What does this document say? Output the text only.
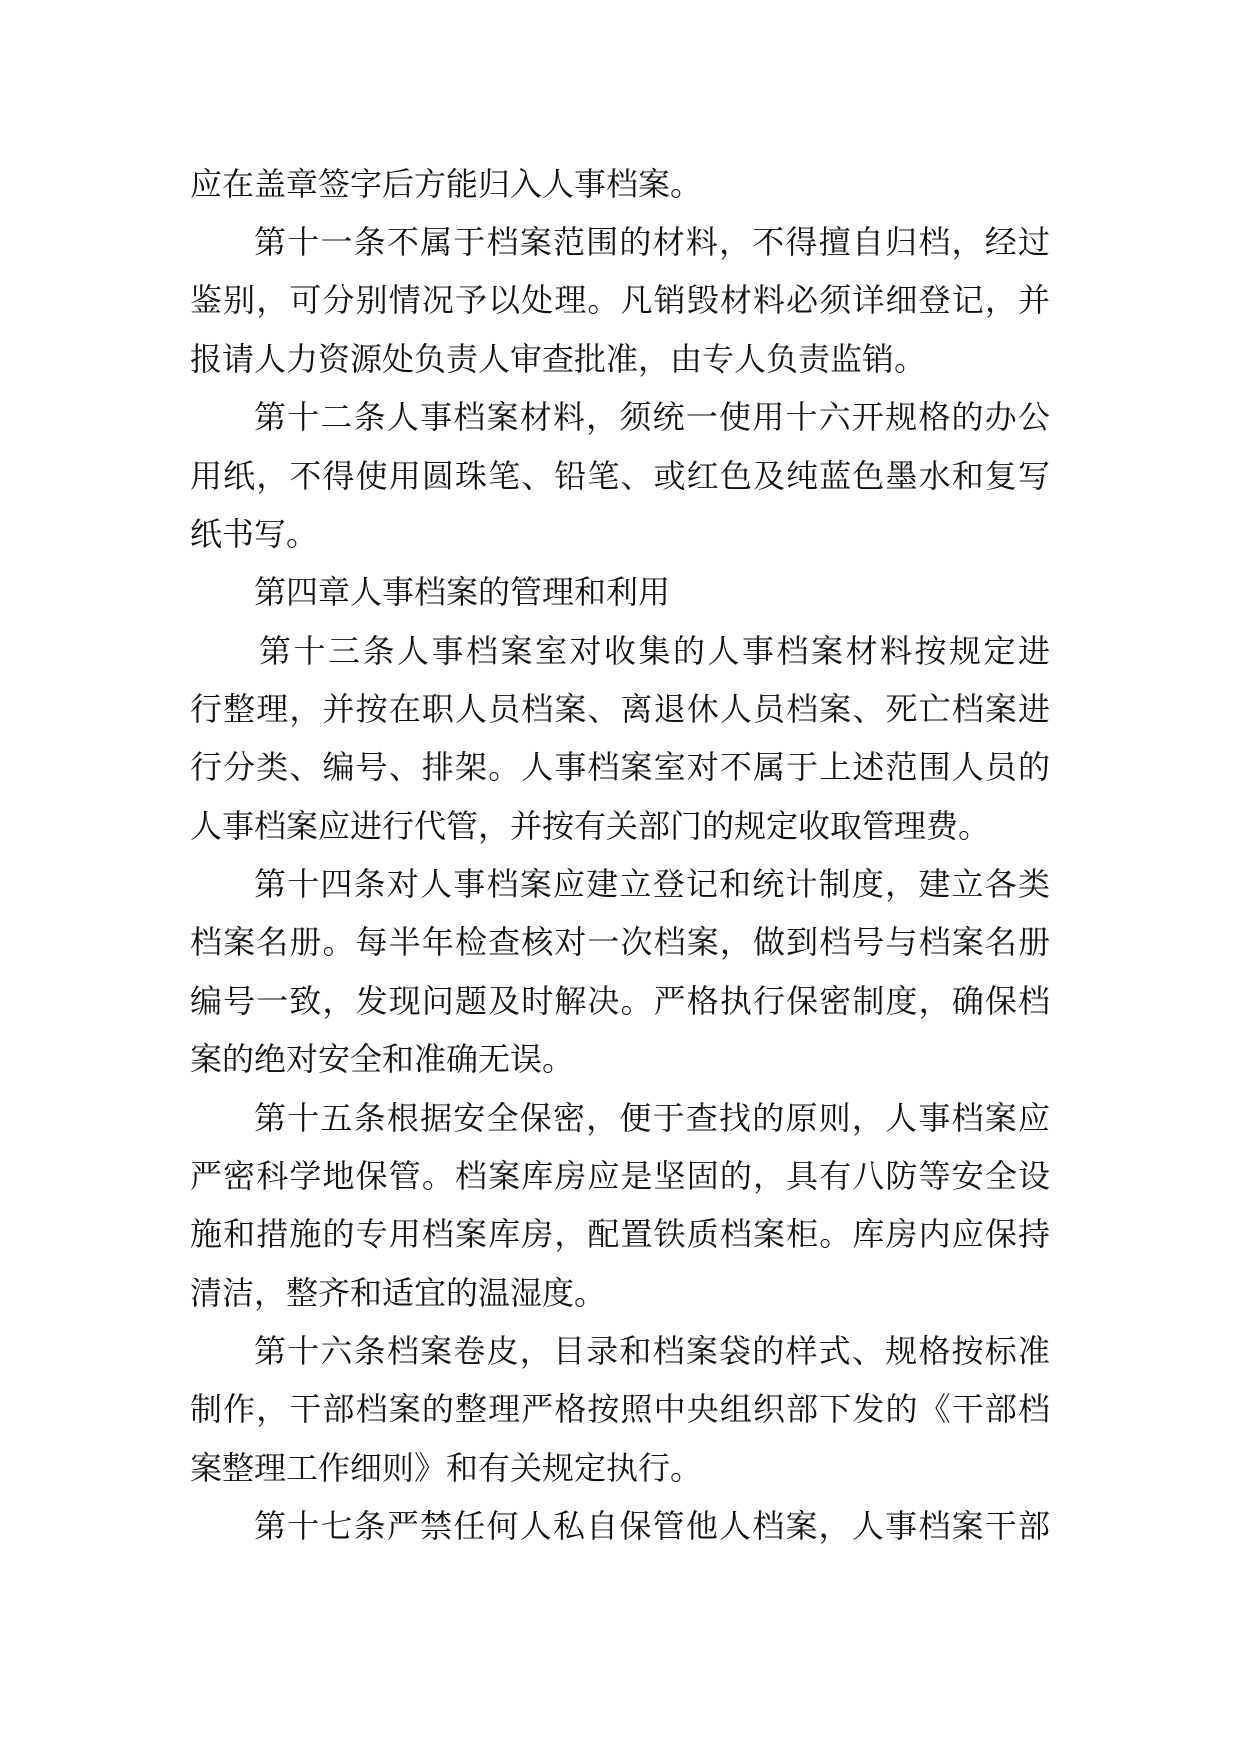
应在盖章签字后方能归入人事档案。
第十一条不属于档案范围的材料，不得擅自归档，经过
鉴别，可分别情况予以处理。凡销毁材料必须详细登记，并
报请人力资源处负责人审查批准，由专人负责监销。
第十二条人事档案材料，须统一使用十六开规格的办公
用纸，不得使用圆珠笔、铅笔、或红色及纯蓝色墨水和复写
纸书写。
第四章人事档案的管理和利用
第十三条人事档案室对收集的人事档案材料按规定进
行整理，并按在职人员档案、离退休人员档案、死亡档案进
行分类、编号、排架。人事档案室对不属于上述范围人员的
人事档案应进行代管，并按有关部门的规定收取管理费。
第十四条对人事档案应建立登记和统计制度，建立各类
档案名册。每半年检查核对一次档案，做到档号与档案名册
编号一致，发现问题及时解决。严格执行保密制度，确保档
案的绝对安全和准确无误。
第十五条根据安全保密，便于查找的原则，人事档案应
严密科学地保管。档案库房应是坚固的，具有八防等安全设
施和措施的专用档案库房，配置铁质档案柜。库房内应保持
清洁，整齐和适宜的温湿度。
第十六条档案卷皮，目录和档案袋的样式、规格按标准
制作，干部档案的整理严格按照中央组织部下发的《干部档
案整理工作细则》和有关规定执行。
第十七条严禁任何人私自保管他人档案，人事档案干部
